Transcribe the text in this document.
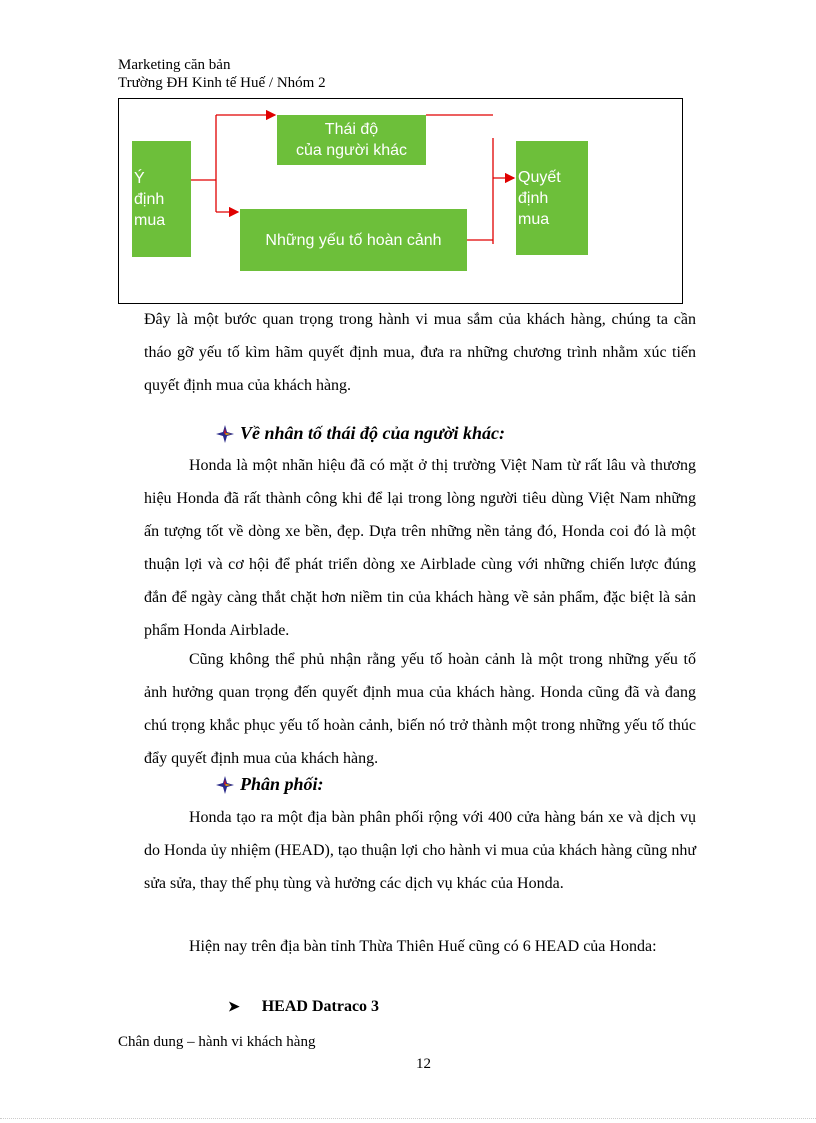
Marketing căn bản
Trường ĐH Kinh tế Huế / Nhóm 2
Ý
định
mua
Thái độ
của người khác
Những yếu tố hoàn cảnh
Quyết
định
mua
Đây là một bước quan trọng trong hành vi mua sắm của khách hàng, chúng ta cần tháo gỡ yếu tố kìm hãm quyết định mua, đưa ra những chương trình nhằm xúc tiến quyết định mua của khách hàng.
Về nhân tố thái độ của người khác:
Honda là một nhãn hiệu đã có mặt ở thị trường Việt Nam từ rất lâu và thương hiệu Honda đã rất thành công khi để lại trong lòng người tiêu dùng Việt Nam những ấn tượng tốt về dòng xe bền, đẹp. Dựa trên những nền tảng đó, Honda coi đó là một thuận lợi và cơ hội để phát triển dòng xe Airblade cùng với những chiến lược đúng đắn để ngày càng thắt chặt hơn niềm tin của khách hàng về sản phẩm, đặc biệt là sản phẩm Honda Airblade.
Cũng không thể phủ nhận rằng yếu tố hoàn cảnh là một trong những yếu tố ảnh hưởng quan trọng đến quyết định mua của khách hàng. Honda cũng đã và đang chú trọng khắc phục yếu tố hoàn cảnh, biến nó trở thành một trong những yếu tố thúc đẩy quyết định mua của khách hàng.
Phân phối:
Honda tạo ra một địa bàn phân phối rộng với 400 cửa hàng bán xe và dịch vụ do Honda ủy nhiệm (HEAD), tạo thuận lợi cho hành vi mua của khách hàng cũng như sửa sửa, thay thế phụ tùng và hưởng các dịch vụ khác của Honda.
Hiện nay trên địa bàn tỉnh Thừa Thiên Huế cũng có 6 HEAD của Honda:
➤ HEAD Datraco 3
Chân dung – hành vi khách hàng
12
